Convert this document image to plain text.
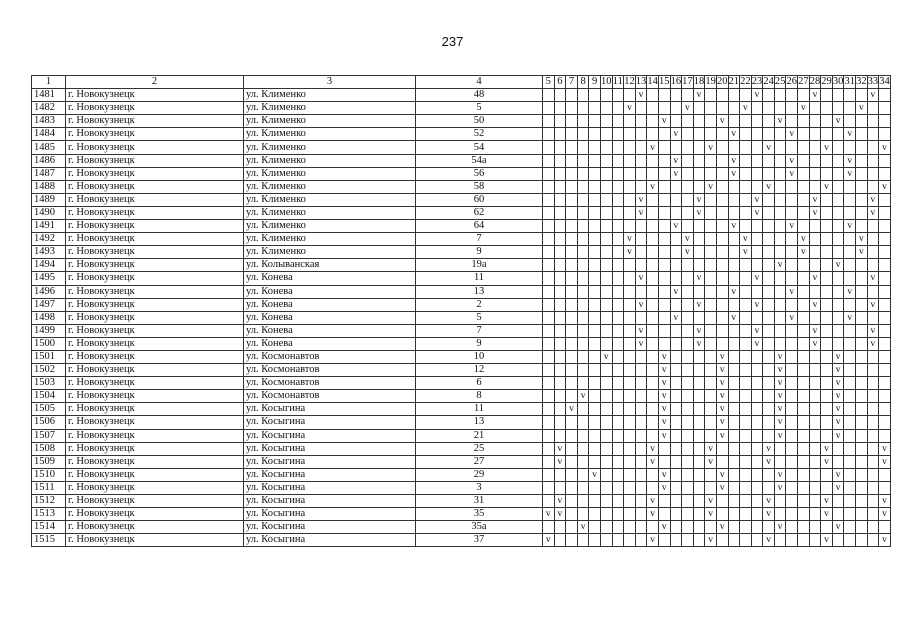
237
1	2	3	4	5	6	7	8	9	10	11	12	13	14	15	16	17	18	19	20	21	22	23	24	25	26	27	28	29	30	31	32	33	34
1481	г. Новокузнецк	ул. Клименко	48									v					v					v					v					v	
1482	г. Новокузнецк	ул. Клименко	5								v					v					v					v					v		
1483	г. Новокузнецк	ул. Клименко	50											v					v					v					v				
1484	г. Новокузнецк	ул. Клименко	52												v					v					v					v			
1485	г. Новокузнецк	ул. Клименко	54										v					v					v					v					v
1486	г. Новокузнецк	ул. Клименко	54а												v					v					v					v			
1487	г. Новокузнецк	ул. Клименко	56												v					v					v					v			
1488	г. Новокузнецк	ул. Клименко	58										v					v					v					v					v
1489	г. Новокузнецк	ул. Клименко	60									v					v					v					v					v	
1490	г. Новокузнецк	ул. Клименко	62									v					v					v					v					v	
1491	г. Новокузнецк	ул. Клименко	64												v					v					v					v			
1492	г. Новокузнецк	ул. Клименко	7								v					v					v					v					v		
1493	г. Новокузнецк	ул. Клименко	9								v					v					v					v					v		
1494	г. Новокузнецк	ул. Колыванская	19а																					v					v				
1495	г. Новокузнецк	ул. Конева	11									v					v					v					v					v	
1496	г. Новокузнецк	ул. Конева	13												v					v					v					v			
1497	г. Новокузнецк	ул. Конева	2									v					v					v					v					v	
1498	г. Новокузнецк	ул. Конева	5												v					v					v					v			
1499	г. Новокузнецк	ул. Конева	7									v					v					v					v					v	
1500	г. Новокузнецк	ул. Конева	9									v					v					v					v					v	
1501	г. Новокузнецк	ул. Космонавтов	10						v					v					v					v					v				
1502	г. Новокузнецк	ул. Космонавтов	12											v					v					v					v				
1503	г. Новокузнецк	ул. Космонавтов	6											v					v					v					v				
1504	г. Новокузнецк	ул. Космонавтов	8				v							v					v					v					v				
1505	г. Новокузнецк	ул. Косыгина	11			v								v					v					v					v				
1506	г. Новокузнецк	ул. Косыгина	13											v					v					v					v				
1507	г. Новокузнецк	ул. Косыгина	21											v					v					v					v				
1508	г. Новокузнецк	ул. Косыгина	25		v								v					v					v					v					v
1509	г. Новокузнецк	ул. Косыгина	27		v								v					v					v					v					v
1510	г. Новокузнецк	ул. Косыгина	29					v						v					v					v					v				
1511	г. Новокузнецк	ул. Косыгина	3											v					v					v					v				
1512	г. Новокузнецк	ул. Косыгина	31		v								v					v					v					v					v
1513	г. Новокузнецк	ул. Косыгина	35	v	v								v					v					v					v					v
1514	г. Новокузнецк	ул. Косыгина	35а				v							v					v					v					v				
1515	г. Новокузнецк	ул. Косыгина	37	v									v					v					v					v					v
